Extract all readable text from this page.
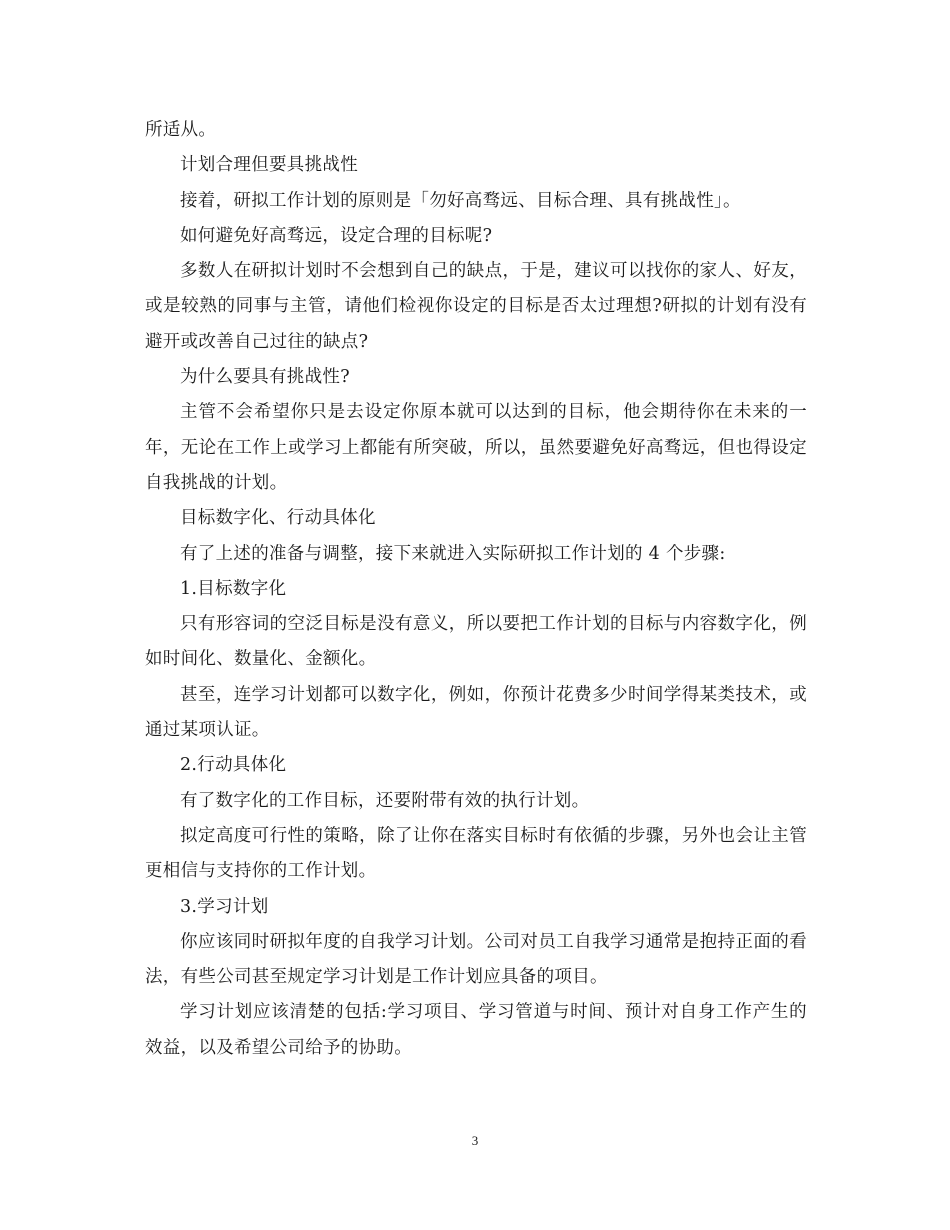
所适从。

计划合理但要具挑战性

接着，研拟工作计划的原则是「勿好高骛远、目标合理、具有挑战性」。

如何避免好高骛远，设定合理的目标呢?

多数人在研拟计划时不会想到自己的缺点，于是，建议可以找你的家人、好友，或是较熟的同事与主管，请他们检视你设定的目标是否太过理想?研拟的计划有没有避开或改善自己过往的缺点?

为什么要具有挑战性?

主管不会希望你只是去设定你原本就可以达到的目标，他会期待你在未来的一年，无论在工作上或学习上都能有所突破，所以，虽然要避免好高骛远，但也得设定自我挑战的计划。

目标数字化、行动具体化

有了上述的准备与调整，接下来就进入实际研拟工作计划的 4 个步骤:

1.目标数字化

只有形容词的空泛目标是没有意义，所以要把工作计划的目标与内容数字化，例如时间化、数量化、金额化。

甚至，连学习计划都可以数字化，例如，你预计花费多少时间学得某类技术，或通过某项认证。

2.行动具体化

有了数字化的工作目标，还要附带有效的执行计划。

拟定高度可行性的策略，除了让你在落实目标时有依循的步骤，另外也会让主管更相信与支持你的工作计划。

3.学习计划

你应该同时研拟年度的自我学习计划。公司对员工自我学习通常是抱持正面的看法，有些公司甚至规定学习计划是工作计划应具备的项目。

学习计划应该清楚的包括:学习项目、学习管道与时间、预计对自身工作产生的效益，以及希望公司给予的协助。

3
